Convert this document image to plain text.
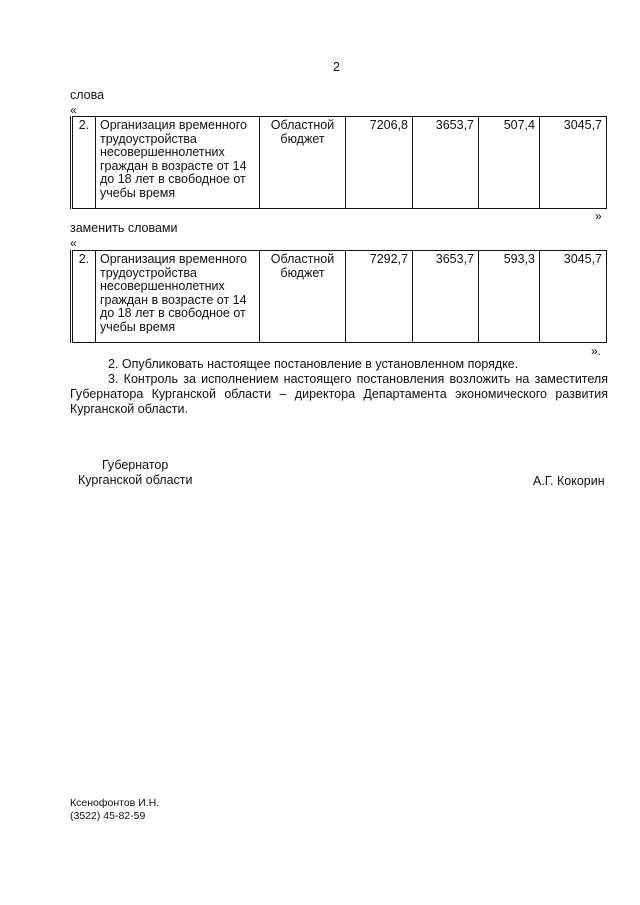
2
слова
«
2.	Организация временного трудоустройства несовершеннолетних граждан в возрасте от 14 до 18 лет в свободное от учебы время	Областной бюджет	7206,8	3653,7	507,4	3045,7
»
заменить словами
«
2.	Организация временного трудоустройства несовершеннолетних граждан в возрасте от 14 до 18 лет в свободное от учебы время	Областной бюджет	7292,7	3653,7	593,3	3045,7
».
2. Опубликовать настоящее постановление в установленном порядке.
3. Контроль за исполнением настоящего постановления возложить на заместителя Губернатора Курганской области – директора Департамента экономического развития Курганской области.
Губернатор
Курганской области	А.Г. Кокорин
Ксенофонтов И.Н.
(3522) 45-82-59
